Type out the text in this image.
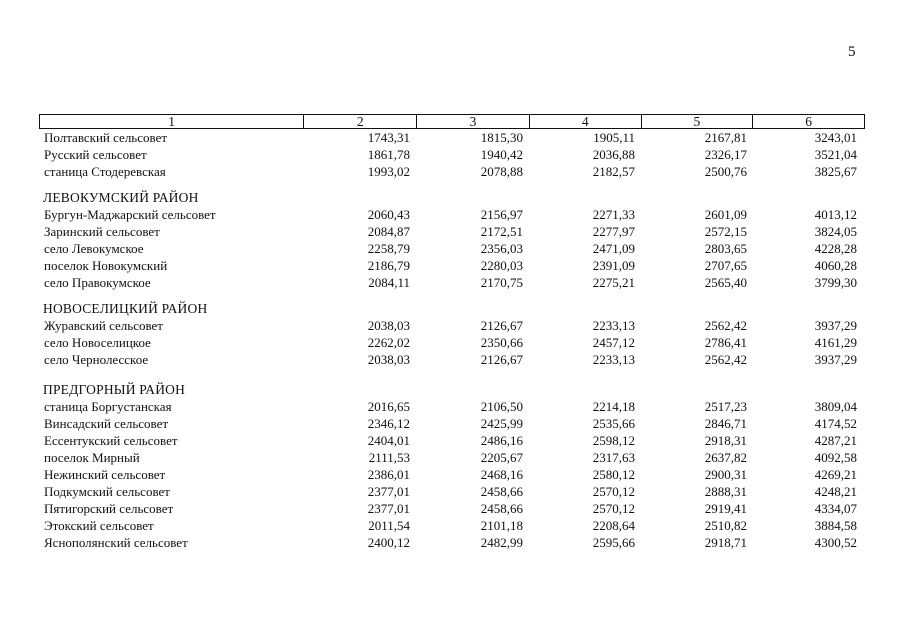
5
1	2	3	4	5	6
Полтавский сельсовет	1743,31	1815,30	1905,11	2167,81	3243,01
Русский сельсовет	1861,78	1940,42	2036,88	2326,17	3521,04
станица Стодеревская	1993,02	2078,88	2182,57	2500,76	3825,67
ЛЕВОКУМСКИЙ РАЙОН
Бургун-Маджарский сельсовет	2060,43	2156,97	2271,33	2601,09	4013,12
Заринский сельсовет	2084,87	2172,51	2277,97	2572,15	3824,05
село Левокумское	2258,79	2356,03	2471,09	2803,65	4228,28
поселок Новокумский	2186,79	2280,03	2391,09	2707,65	4060,28
село Правокумское	2084,11	2170,75	2275,21	2565,40	3799,30
НОВОСЕЛИЦКИЙ РАЙОН
Журавский сельсовет	2038,03	2126,67	2233,13	2562,42	3937,29
село Новоселицкое	2262,02	2350,66	2457,12	2786,41	4161,29
село Чернолесское	2038,03	2126,67	2233,13	2562,42	3937,29
ПРЕДГОРНЫЙ РАЙОН
станица Боргустанская	2016,65	2106,50	2214,18	2517,23	3809,04
Винсадский сельсовет	2346,12	2425,99	2535,66	2846,71	4174,52
Ессентукский сельсовет	2404,01	2486,16	2598,12	2918,31	4287,21
поселок Мирный	2111,53	2205,67	2317,63	2637,82	4092,58
Нежинский сельсовет	2386,01	2468,16	2580,12	2900,31	4269,21
Подкумский сельсовет	2377,01	2458,66	2570,12	2888,31	4248,21
Пятигорский сельсовет	2377,01	2458,66	2570,12	2919,41	4334,07
Этокский сельсовет	2011,54	2101,18	2208,64	2510,82	3884,58
Яснополянский сельсовет	2400,12	2482,99	2595,66	2918,71	4300,52
